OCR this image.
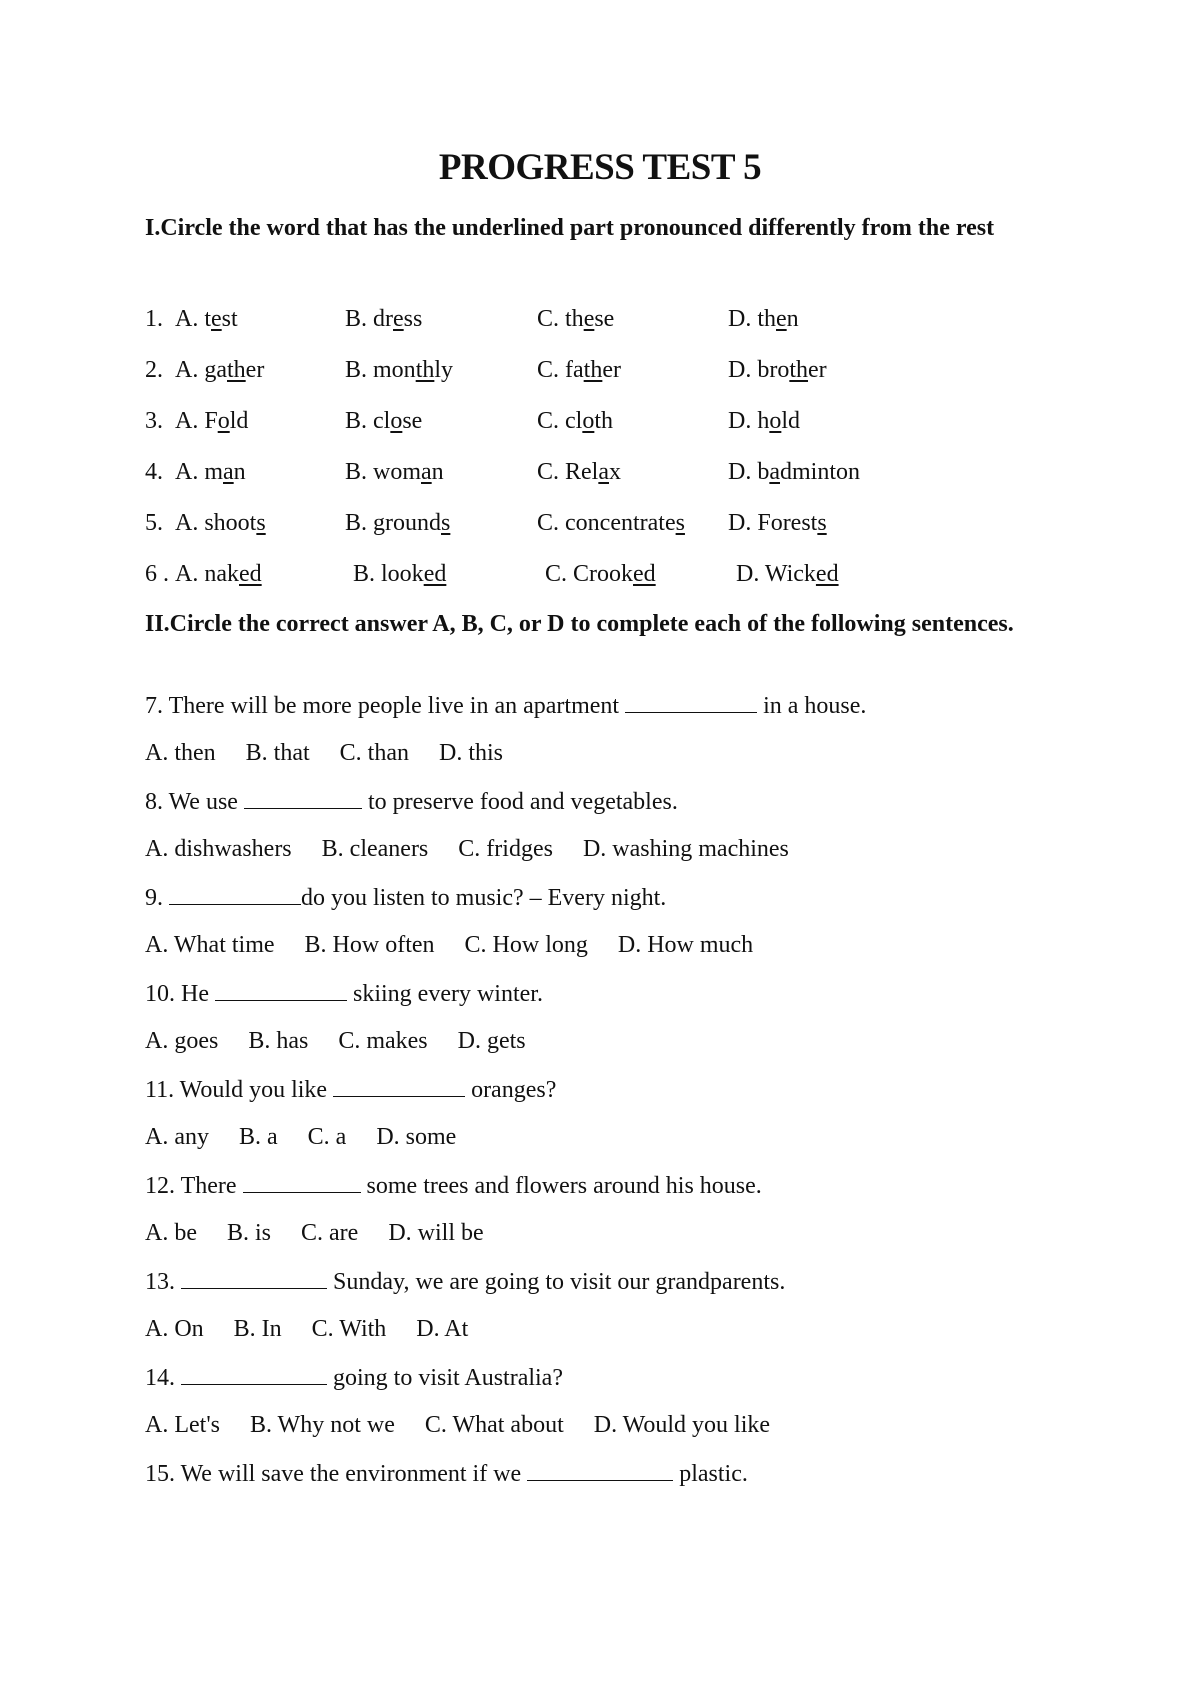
PROGRESS TEST 5
I.Circle the word that has the underlined part pronounced differently from the rest
1. A. test	B. dress	C. these	D. then
2. A. gather	B. monthly	C. father	D. brother
3. A. Fold	B. close	C. cloth	D. hold
4. A. man	B. woman	C. Relax	D. badminton
5. A. shoots	B. grounds	C. concentrates D. Forests
6 . A. naked	B. looked	C. Crooked	D. Wicked
II.Circle the correct answer A, B, C, or D to complete each of the following sentences.
7. There will be more people live in an apartment	in a house.
A. then B. that C. than D. this
8. We use	to preserve food and vegetables.
A. dishwashers B. cleaners C. fridges D. washing machines
9.	do you listen to music? – Every night.
A. What time B. How often C. How long D. How much
10. He	skiing every winter.
A. goes B. has C. makes D. gets
11. Would you like	oranges?
A. any B. a C. a D. some
12. There	some trees and flowers around his house.
A. be B. is C. are D. will be
13.	Sunday, we are going to visit our grandparents.
A. On B. In C. With D. At
14.	going to visit Australia?
A. Let's B. Why not we C. What about D. Would you like
15. We will save the environment if we	plastic.
